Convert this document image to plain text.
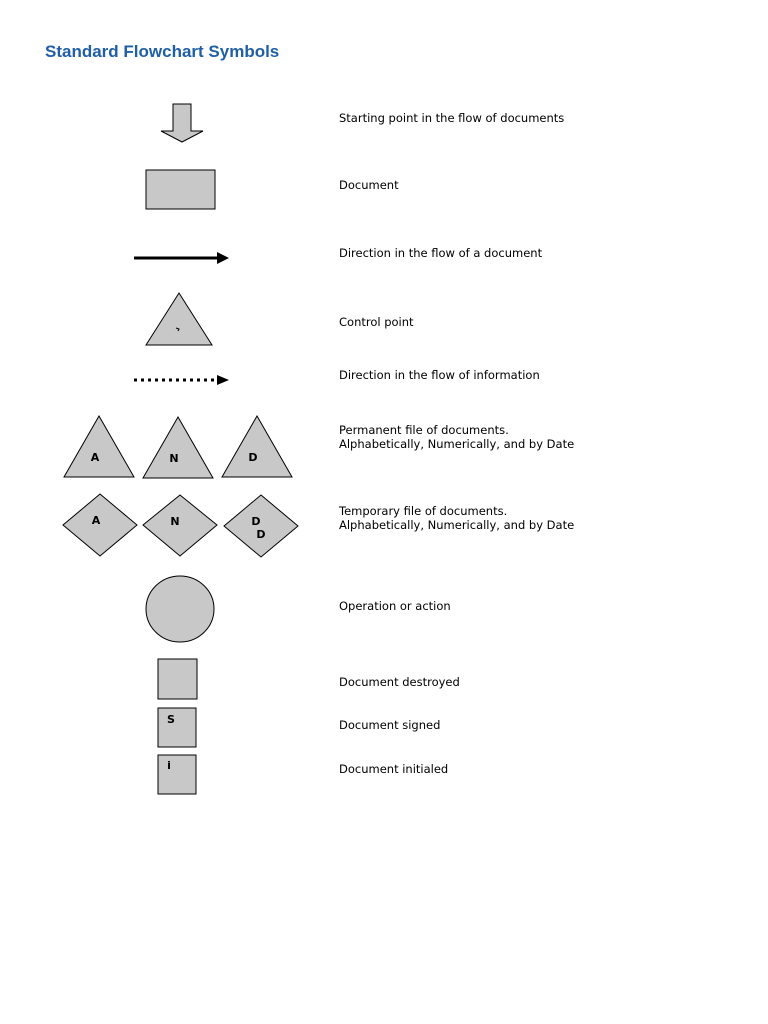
Standard Flowchart Symbols
A	N	D
A	N	D
D
S
i
Starting point in the flow of documents
Document
Direction in the flow of a document
Control point
Direction in the flow of information
Permanent file of documents.
Alphabetically, Numerically, and by Date
Temporary file of documents.
Alphabetically, Numerically, and by Date
Operation or action
Document destroyed
Document signed
Document initialed
